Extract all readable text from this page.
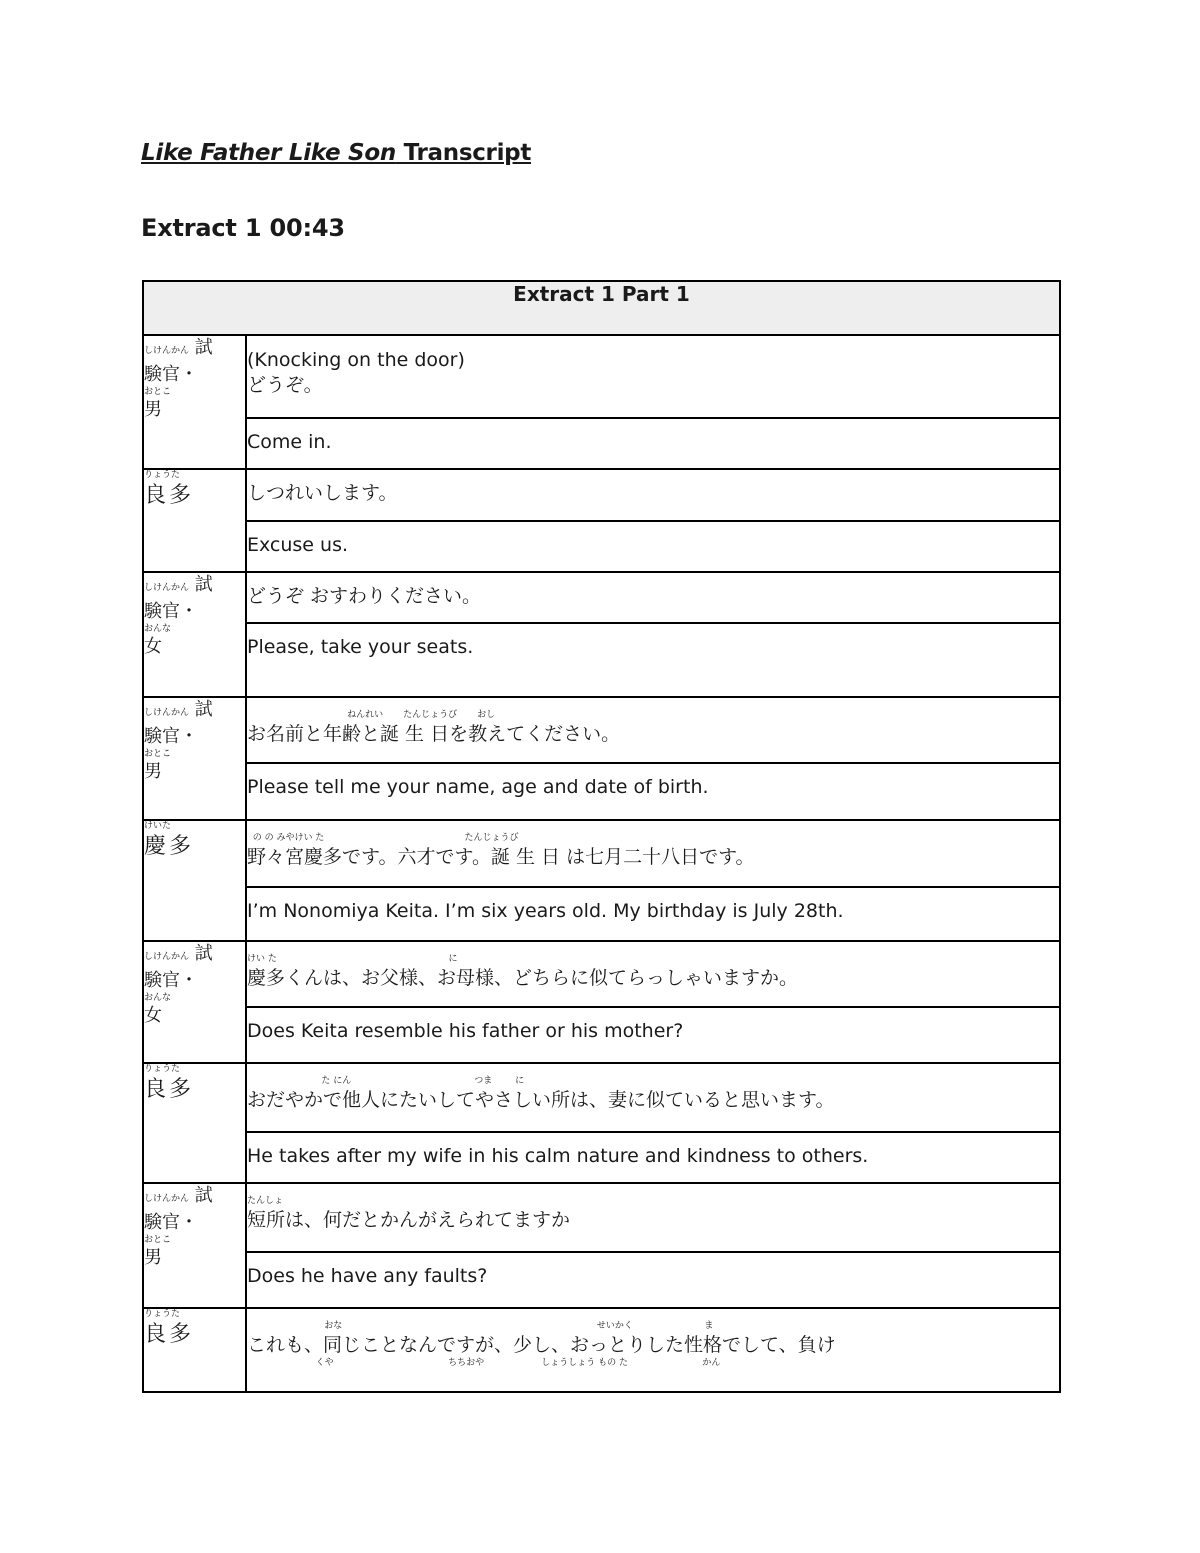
Like Father Like Son Transcript
Extract 1 00:43
Extract 1 Part 1	

しけんかん 試
験官・
おとこ
男	(Knocking on the door)
どうぞ。

	Come in.

りょうた
良多	しつれいします。

	Excuse us.

しけんかん 試
験官・
おんな
女	どうぞ おすわりください。

	Please, take your seats.

しけんかん 試
験官・
おとこ
男	ねんれい       たんじょうび       おし
お名前と年齢と誕 生 日を教えてください。

	Please tell me your name, age and date of birth.

けいた
慶多	の の みやけい た                                                 たんじょうび
野々宮慶多です。六才です。誕 生 日 は七月二十八日です。

	I’m Nonomiya Keita. I’m six years old. My birthday is July 28th.

しけんかん 試
験官・
おんな
女	けい た                                                            に
慶多くんは、お父様、お母様、どちらに似てらっしゃいますか。

	Does Keita resemble his father or his mother?

りょうた
良多	た にん                                           つま        に
おだやかで他人にたいしてやさしい所は、妻に似ていると思います。

	He takes after my wife in his calm nature and kindness to others.

しけんかん 試
験官・
おとこ
男	たんしょ
短所は、何だとかんがえられてますか

	Does he have any faults?

りょうた
良多	おな                                                                                         せいかく                         ま
これも、同じことなんですが、少し、おっとりした性格でして、負け
くや                                        ちちおや                    しょうしょう もの た                          かん
